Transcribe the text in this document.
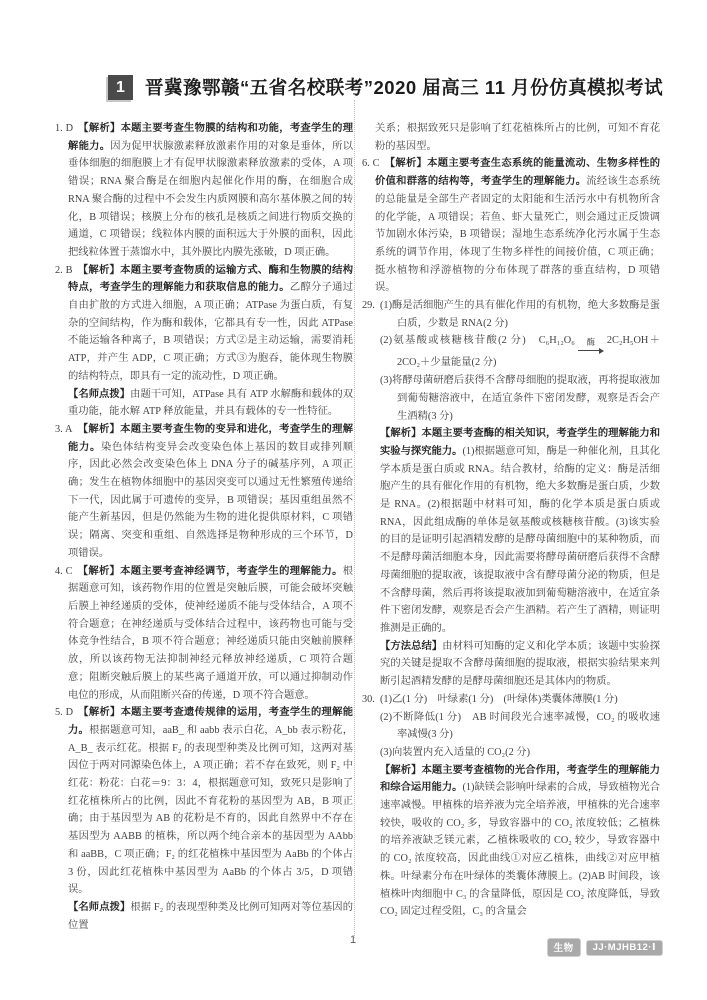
1	晋冀豫鄂赣“五省名校联考”2020 届高三 11 月份仿真模拟考试
1. D 【解析】本题主要考查生物膜的结构和功能，考查学生的理解能力。因为促甲状腺激素释放激素作用的对象是垂体，所以垂体细胞的细胞膜上才有促甲状腺激素释放激素的受体，A 项错误；RNA 聚合酶是在细胞内起催化作用的酶，在细胞合成 RNA 聚合酶的过程中不会发生内质网膜和高尔基体膜之间的转化，B 项错误；核膜上分布的核孔是核质之间进行物质交换的通道，C 项错误；线粒体内膜的面积远大于外膜的面积，因此把线粒体置于蒸馏水中，其外膜比内膜先涨破，D 项正确。
2. B 【解析】本题主要考查物质的运输方式、酶和生物膜的结构特点，考查学生的理解能力和获取信息的能力。乙醇分子通过自由扩散的方式进入细胞，A 项正确；ATPase 为蛋白质，有复杂的空间结构，作为酶和载体，它都具有专一性，因此 ATPase 不能运输各种离子，B 项错误；方式②是主动运输，需要消耗 ATP，并产生 ADP，C 项正确；方式③为胞吞，能体现生物膜的结构特点，即具有一定的流动性，D 项正确。
【名师点拨】由题干可知，ATPase 具有 ATP 水解酶和载体的双重功能，能水解 ATP 释放能量，并具有载体的专一性特征。
3. A 【解析】本题主要考查生物的变异和进化，考查学生的理解能力。染色体结构变异会改变染色体上基因的数目或排列顺序，因此必然会改变染色体上 DNA 分子的碱基序列，A 项正确；发生在植物体细胞中的基因突变可以通过无性繁殖传递给下一代，因此属于可遗传的变异，B 项错误；基因重组虽然不能产生新基因，但是仍然能为生物的进化提供原材料，C 项错误；隔离、突变和重组、自然选择是物种形成的三个环节，D 项错误。
4. C 【解析】本题主要考查神经调节，考查学生的理解能力。根据题意可知，该药物作用的位置是突触后膜，可能会破坏突触后膜上神经递质的受体，使神经递质不能与受体结合，A 项不符合题意；在神经递质与受体结合过程中，该药物也可能与受体竞争性结合，B 项不符合题意；神经递质只能由突触前膜释放，所以该药物无法抑制神经元释放神经递质，C 项符合题意；阻断突触后膜上的某些离子通道开放，可以通过抑制动作电位的形成，从而阻断兴奋的传递，D 项不符合题意。
5. D 【解析】本题主要考查遗传规律的运用，考查学生的理解能力。根据题意可知，aaB_ 和 aabb 表示白花，A_bb 表示粉花，A_B_ 表示红花。根据 F₂ 的表现型种类及比例可知，这两对基因位于两对同源染色体上，A 项正确；若不存在致死，则 F₂ 中红花：粉花：白花＝9：3：4，根据题意可知，致死只是影响了红花植株所占的比例，因此不育花粉的基因型为 AB，B 项正确；由于基因型为 AB 的花粉是不育的，因此自然界中不存在基因型为 AABB 的植株，所以两个纯合亲本的基因型为 AAbb 和 aaBB，C 项正确；F₂ 的红花植株中基因型为 AaBb 的个体占 3 份，因此红花植株中基因型为 AaBb 的个体占 3/5，D 项错误。
【名师点拨】根据 F₂ 的表现型种类及比例可知两对等位基因的位置
关系；根据致死只是影响了红花植株所占的比例，可知不育花粉的基因型。
6. C 【解析】本题主要考查生态系统的能量流动、生物多样性的价值和群落的结构等，考查学生的理解能力。流经该生态系统的总能量是全部生产者固定的太阳能和生活污水中有机物所含的化学能，A 项错误；若鱼、虾大量死亡，则会通过正反馈调节加剧水体污染，B 项错误；湿地生态系统净化污水属于生态系统的调节作用，体现了生物多样性的间接价值，C 项正确；挺水植物和浮游植物的分布体现了群落的垂直结构，D 项错误。
29. (1)酶是活细胞产生的具有催化作用的有机物，绝大多数酶是蛋白质，少数是 RNA(2 分)
(2)氨基酸或核糖核苷酸(2 分)　C₆H₁₂O₆ 酶 2C₂H₅OH＋2CO₂＋少量能量(2 分)
(3)将酵母菌研磨后获得不含酵母细胞的提取液，再将提取液加到葡萄糖溶液中，在适宜条件下密闭发酵，观察是否会产生酒精(3 分)
【解析】本题主要考查酶的相关知识，考查学生的理解能力和实验与探究能力。(1)根据题意可知，酶是一种催化剂，且其化学本质是蛋白质或 RNA。结合教材，给酶的定义：酶是活细胞产生的具有催化作用的有机物，绝大多数酶是蛋白质，少数是 RNA。(2)根据题中材料可知，酶的化学本质是蛋白质或 RNA，因此组成酶的单体是氨基酸或核糖核苷酸。(3)该实验的目的是证明引起酒精发酵的是酵母菌细胞中的某种物质，而不是酵母菌活细胞本身，因此需要将酵母菌研磨后获得不含酵母菌细胞的提取液，该提取液中含有酵母菌分泌的物质，但是不含酵母菌，然后再将该提取液加到葡萄糖溶液中，在适宜条件下密闭发酵，观察是否会产生酒精。若产生了酒精，则证明推测是正确的。
【方法总结】由材料可知酶的定义和化学本质；该题中实验探究的关键是提取不含酵母菌细胞的提取液，根据实验结果来判断引起酒精发酵的是酵母菌细胞还是其体内的物质。
30. (1)乙(1 分)　叶绿素(1 分)　(叶绿体)类囊体薄膜(1 分)
(2)不断降低(1 分)　AB 时间段光合速率减慢，CO₂ 的吸收速率减慢(3 分)
(3)向装置内充入适量的 CO₂(2 分)
【解析】本题主要考查植物的光合作用，考查学生的理解能力和综合运用能力。(1)缺镁会影响叶绿素的合成，导致植物光合速率减慢。甲植株的培养液为完全培养液，甲植株的光合速率较快，吸收的 CO₂ 多，导致容器中的 CO₂ 浓度较低；乙植株的培养液缺乏镁元素，乙植株吸收的 CO₂ 较少，导致容器中的 CO₂ 浓度较高，因此曲线①对应乙植株，曲线②对应甲植株。叶绿素分布在叶绿体的类囊体薄膜上。(2)AB 时间段，该植株叶肉细胞中 C₃ 的含量降低，原因是 CO₂ 浓度降低，导致 CO₂ 固定过程受阻，C₃ 的含量会
1
生物	JJ·MJHB12·Ⅰ
